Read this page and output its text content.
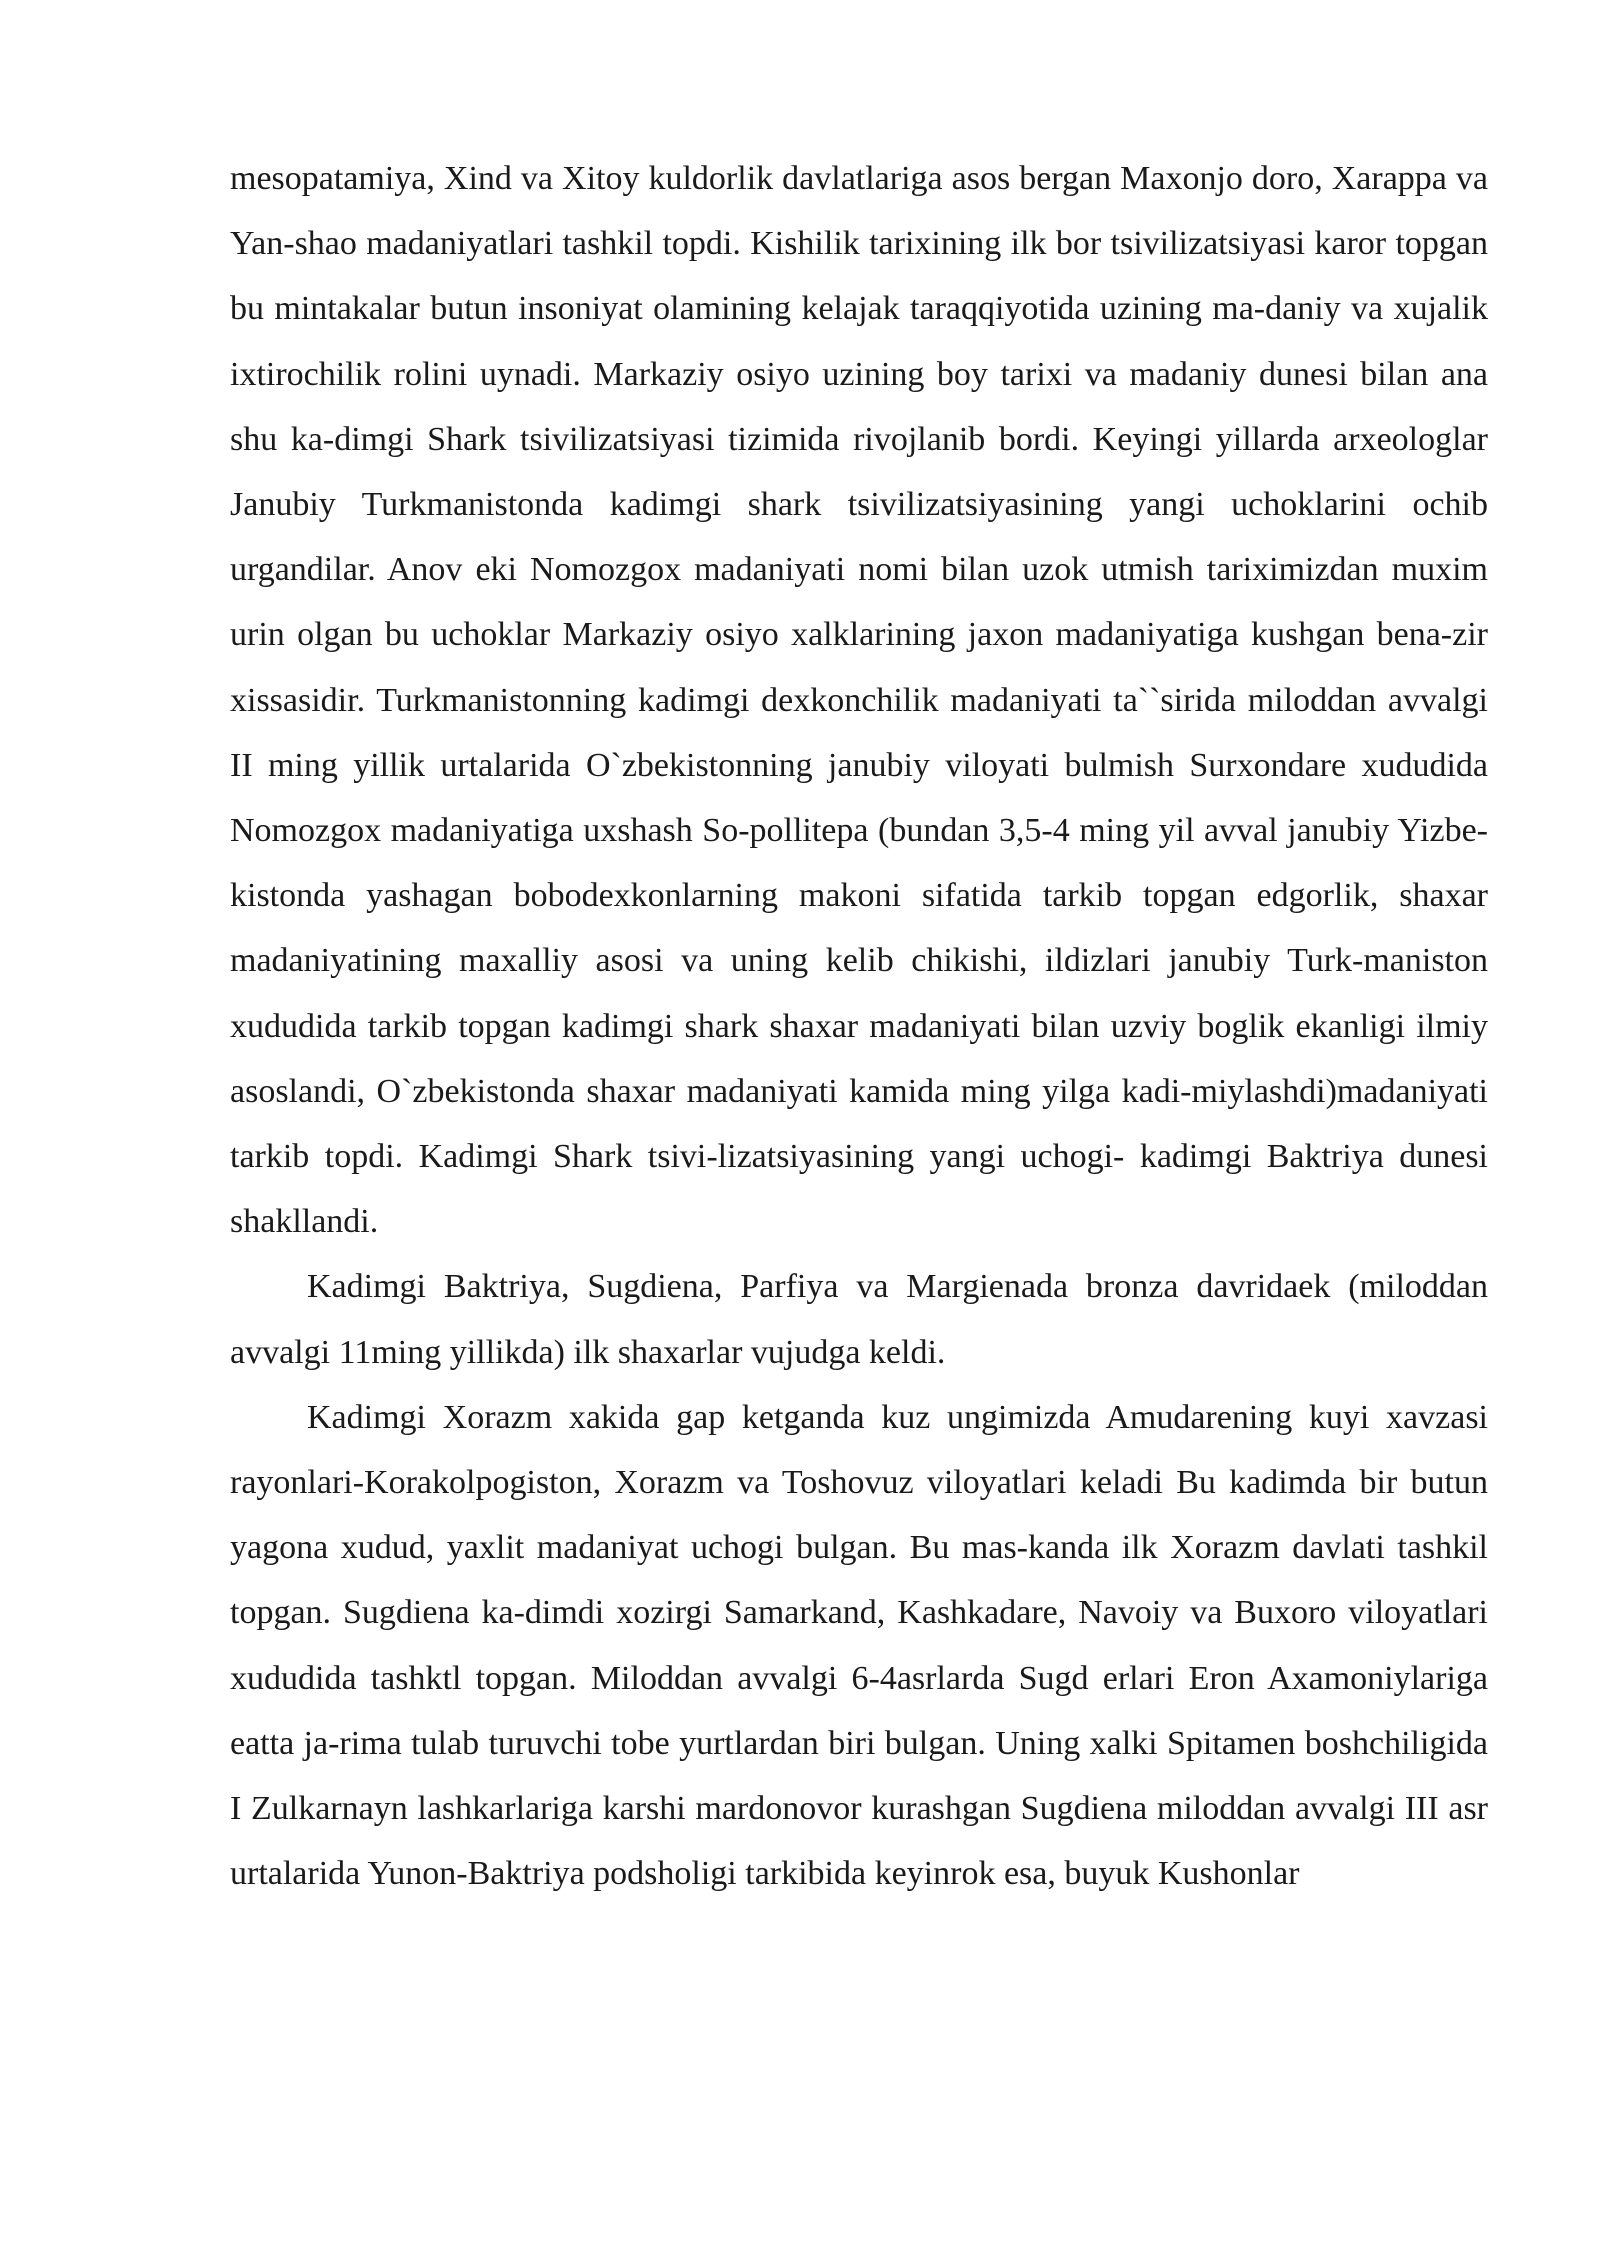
mesopatamiya, Xind va Xitoy kuldorlik davlatlariga asos bergan Maxonjo doro, Xarappa va Yan-shao madaniyatlari tashkil topdi. Kishilik tarixining ilk bor tsivilizatsiyasi karor topgan bu mintakalar butun insoniyat olamining kelajak taraqqiyotida uzining ma-daniy va xujalik ixtirochilik rolini uynadi. Markaziy osiyo uzining boy tarixi va madaniy dunesi bilan ana shu ka-dimgi Shark tsivilizatsiyasi tizimida rivojlanib bordi. Keyingi yillarda arxeologlar Janubiy Turkmanistonda kadimgi shark tsivilizatsiyasining yangi uchoklarini ochib urgandilar. Anov eki Nomozgox madaniyati nomi bilan uzok utmish tariximizdan muxim urin olgan bu uchoklar Markaziy osiyo xalklarining jaxon madaniyatiga kushgan bena-zir xissasidir. Turkmanistonning kadimgi dexkonchilik madaniyati ta``sirida miloddan avvalgi II ming yillik urtalarida O`zbekistonning janubiy viloyati bulmish Surxondare xududida Nomozgox madaniyatiga uxshash So-pollitepa (bundan 3,5-4 ming yil avval janubiy Yizbe-kistonda yashagan bobodexkonlarning makoni sifatida tarkib topgan edgorlik, shaxar madaniyatining maxalliy asosi va uning kelib chikishi, ildizlari janubiy Turk-maniston xududida tarkib topgan kadimgi shark shaxar madaniyati bilan uzviy boglik ekanligi ilmiy asoslandi, O`zbekistonda shaxar madaniyati kamida ming yilga kadi-miylashdi)madaniyati tarkib topdi. Kadimgi Shark tsivi-lizatsiyasining yangi uchogi- kadimgi Baktriya dunesi shakllandi.

Kadimgi Baktriya, Sugdiena, Parfiya va Margienada bronza davridaek (miloddan avvalgi 11ming yillikda) ilk shaxarlar vujudga keldi.

Kadimgi Xorazm xakida gap ketganda kuz ungimizda Amudarening kuyi xavzasi rayonlari-Korakolpogiston, Xorazm va Toshovuz viloyatlari keladi Bu kadimda bir butun yagona xudud, yaxlit madaniyat uchogi bulgan. Bu mas-kanda ilk Xorazm davlati tashkil topgan. Sugdiena ka-dimdi xozirgi Samarkand, Kashkadare, Navoiy va Buxoro viloyatlari xududida tashktl topgan. Miloddan avvalgi 6-4asrlarda Sugd erlari Eron Axamoniylariga eatta ja-rima tulab turuvchi tobe yurtlardan biri bulgan. Uning xalki Spitamen boshchiligida I Zulkarnayn lashkarlariga karshi mardonovor kurashgan Sugdiena miloddan avvalgi III asr urtalarida Yunon-Baktriya podsholigi tarkibida keyinrok esa, buyuk Kushonlar
